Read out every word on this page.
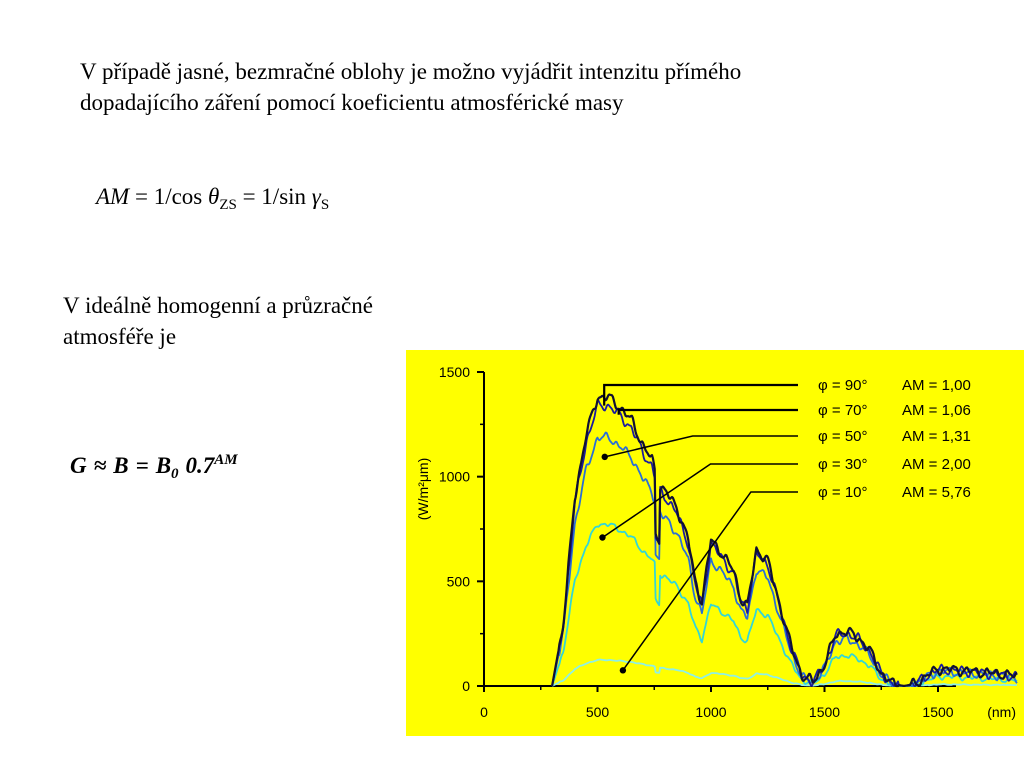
V případě jasné, bezmračné oblohy je možno vyjádřit intenzitu přímého

dopadajícího záření pomocí koeficientu atmosférické masy

AM = 1/cos $\theta_{ZS} = 1/\sin$ $\gamma_S$

V ideálně homogenní a průzračné

atmosféře je

$G \approx B = B_0$ $0.7^{AM}$
0
500
1000
1500
0	500	1000	1500	1500
(W/m²μm)
(nm)
φ = 90° AM = 1,00
φ = 70° AM = 1,06
φ = 50° AM = 1,31
φ = 30° AM = 2,00
φ = 10° AM = 5,76
